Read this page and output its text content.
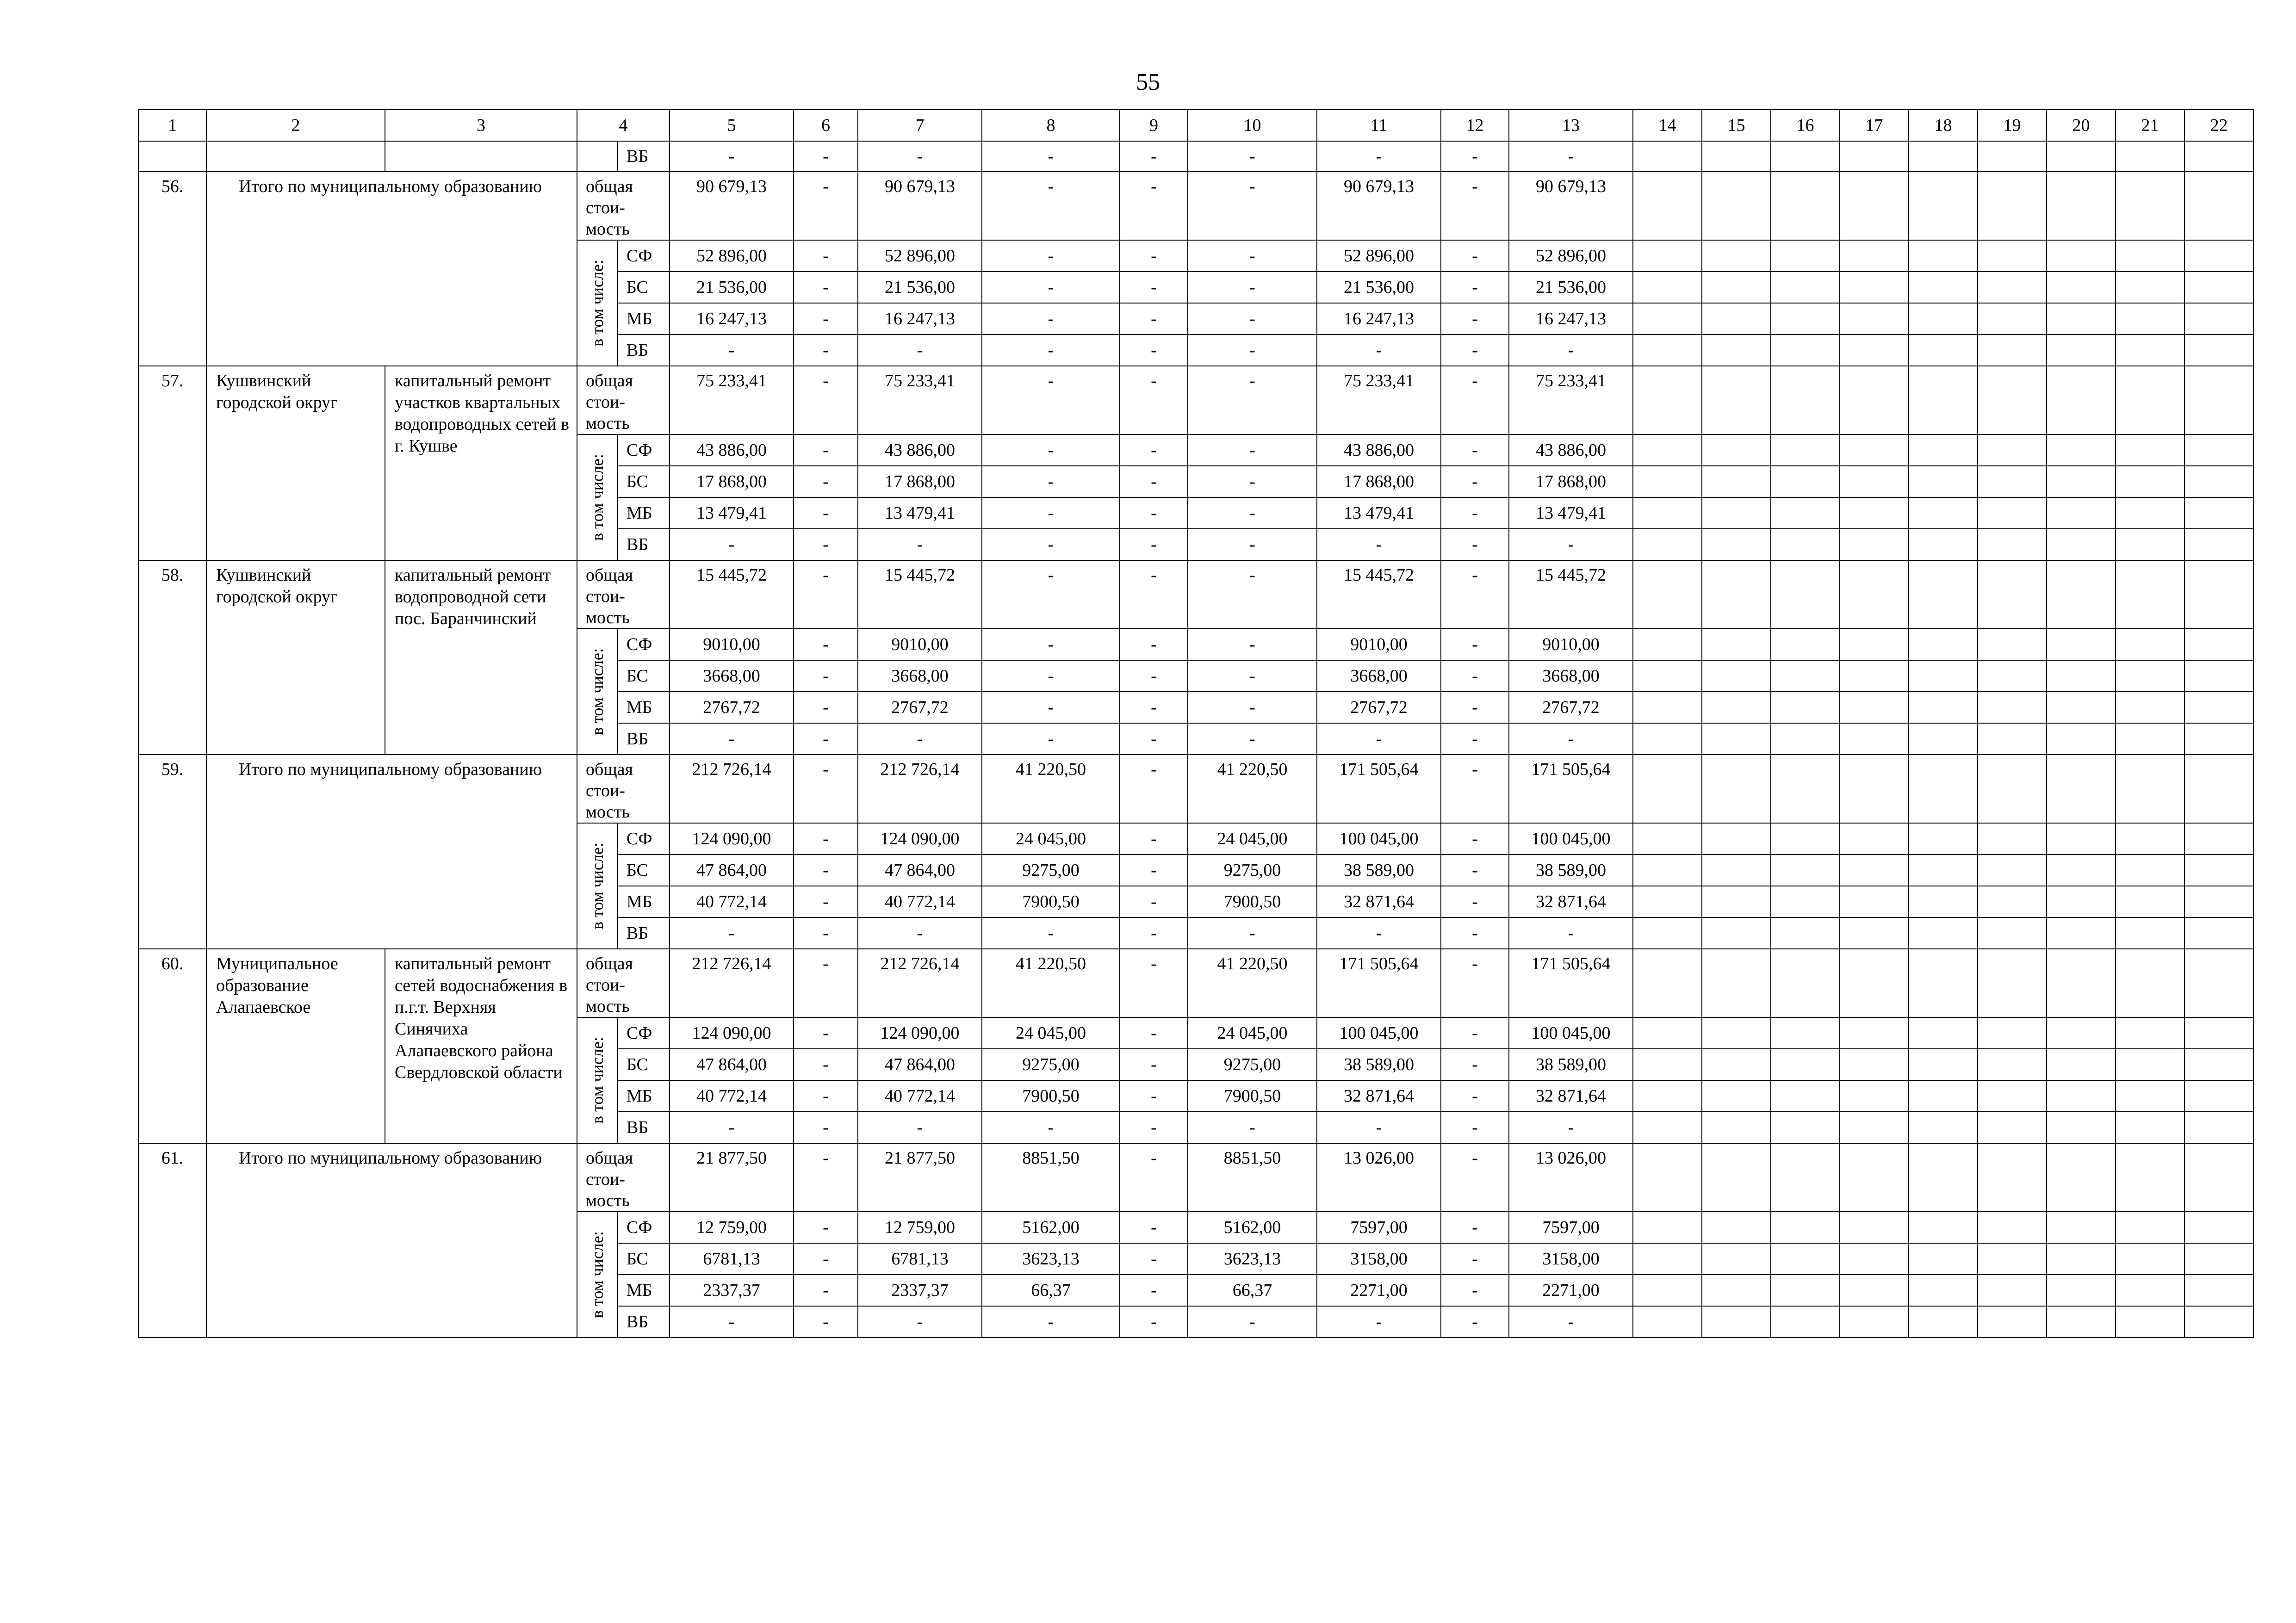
55
1	2	3	4		5	6	7	8	9	10	11	12	13	14	15	16	17	18	19	20	21	22
				ВБ	-	-	-	-	-	-	-	-	-									
56.	Итого по муниципальному образованию		общая
стои-
мость		90 679,13	-	90 679,13	-	-	-	90 679,13	-	90 679,13									

			в том числе:	СФ	52 896,00	-	52 896,00	-	-	-	52 896,00	-	52 896,00									
				БС	21 536,00	-	21 536,00	-	-	-	21 536,00	-	21 536,00									
				МБ	16 247,13	-	16 247,13	-	-	-	16 247,13	-	16 247,13									
				ВБ	-	-	-	-	-	-	-	-	-									
57.	Кушвинский городской округ	капитальный ремонт участков квартальных водопроводных сетей в г. Кушве	общая
стои-
мость		75 233,41	-	75 233,41	-	-	-	75 233,41	-	75 233,41									

			в том числе:	СФ	43 886,00	-	43 886,00	-	-	-	43 886,00	-	43 886,00									
				БС	17 868,00	-	17 868,00	-	-	-	17 868,00	-	17 868,00									
				МБ	13 479,41	-	13 479,41	-	-	-	13 479,41	-	13 479,41									
				ВБ	-	-	-	-	-	-	-	-	-									
58.	Кушвинский городской округ	капитальный ремонт водопроводной сети пос. Баранчинский	общая
стои-
мость		15 445,72	-	15 445,72	-	-	-	15 445,72	-	15 445,72									

			в том числе:	СФ	9010,00	-	9010,00	-	-	-	9010,00	-	9010,00									
				БС	3668,00	-	3668,00	-	-	-	3668,00	-	3668,00									
				МБ	2767,72	-	2767,72	-	-	-	2767,72	-	2767,72									
				ВБ	-	-	-	-	-	-	-	-	-									
59.	Итого по муниципальному образованию		общая
стои-
мость		212 726,14	-	212 726,14	41 220,50	-	41 220,50	171 505,64	-	171 505,64									

			в том числе:	СФ	124 090,00	-	124 090,00	24 045,00	-	24 045,00	100 045,00	-	100 045,00									
				БС	47 864,00	-	47 864,00	9275,00	-	9275,00	38 589,00	-	38 589,00									
				МБ	40 772,14	-	40 772,14	7900,50	-	7900,50	32 871,64	-	32 871,64									
				ВБ	-	-	-	-	-	-	-	-	-									
60.	Муниципальное образование Алапаевское	капитальный ремонт сетей водоснабжения в п.г.т. Верхняя Синячиха Алапаевского района Свердловской области	общая
стои-
мость		212 726,14	-	212 726,14	41 220,50	-	41 220,50	171 505,64	-	171 505,64									

			в том числе:	СФ	124 090,00	-	124 090,00	24 045,00	-	24 045,00	100 045,00	-	100 045,00									
				БС	47 864,00	-	47 864,00	9275,00	-	9275,00	38 589,00	-	38 589,00									
				МБ	40 772,14	-	40 772,14	7900,50	-	7900,50	32 871,64	-	32 871,64									
				ВБ	-	-	-	-	-	-	-	-	-									
61.	Итого по муниципальному образованию		общая
стои-
мость		21 877,50	-	21 877,50	8851,50	-	8851,50	13 026,00	-	13 026,00									

			в том числе:	СФ	12 759,00	-	12 759,00	5162,00	-	5162,00	7597,00	-	7597,00									
				БС	6781,13	-	6781,13	3623,13	-	3623,13	3158,00	-	3158,00									
				МБ	2337,37	-	2337,37	66,37	-	66,37	2271,00	-	2271,00									
				ВБ	-	-	-	-	-	-	-	-	-									
